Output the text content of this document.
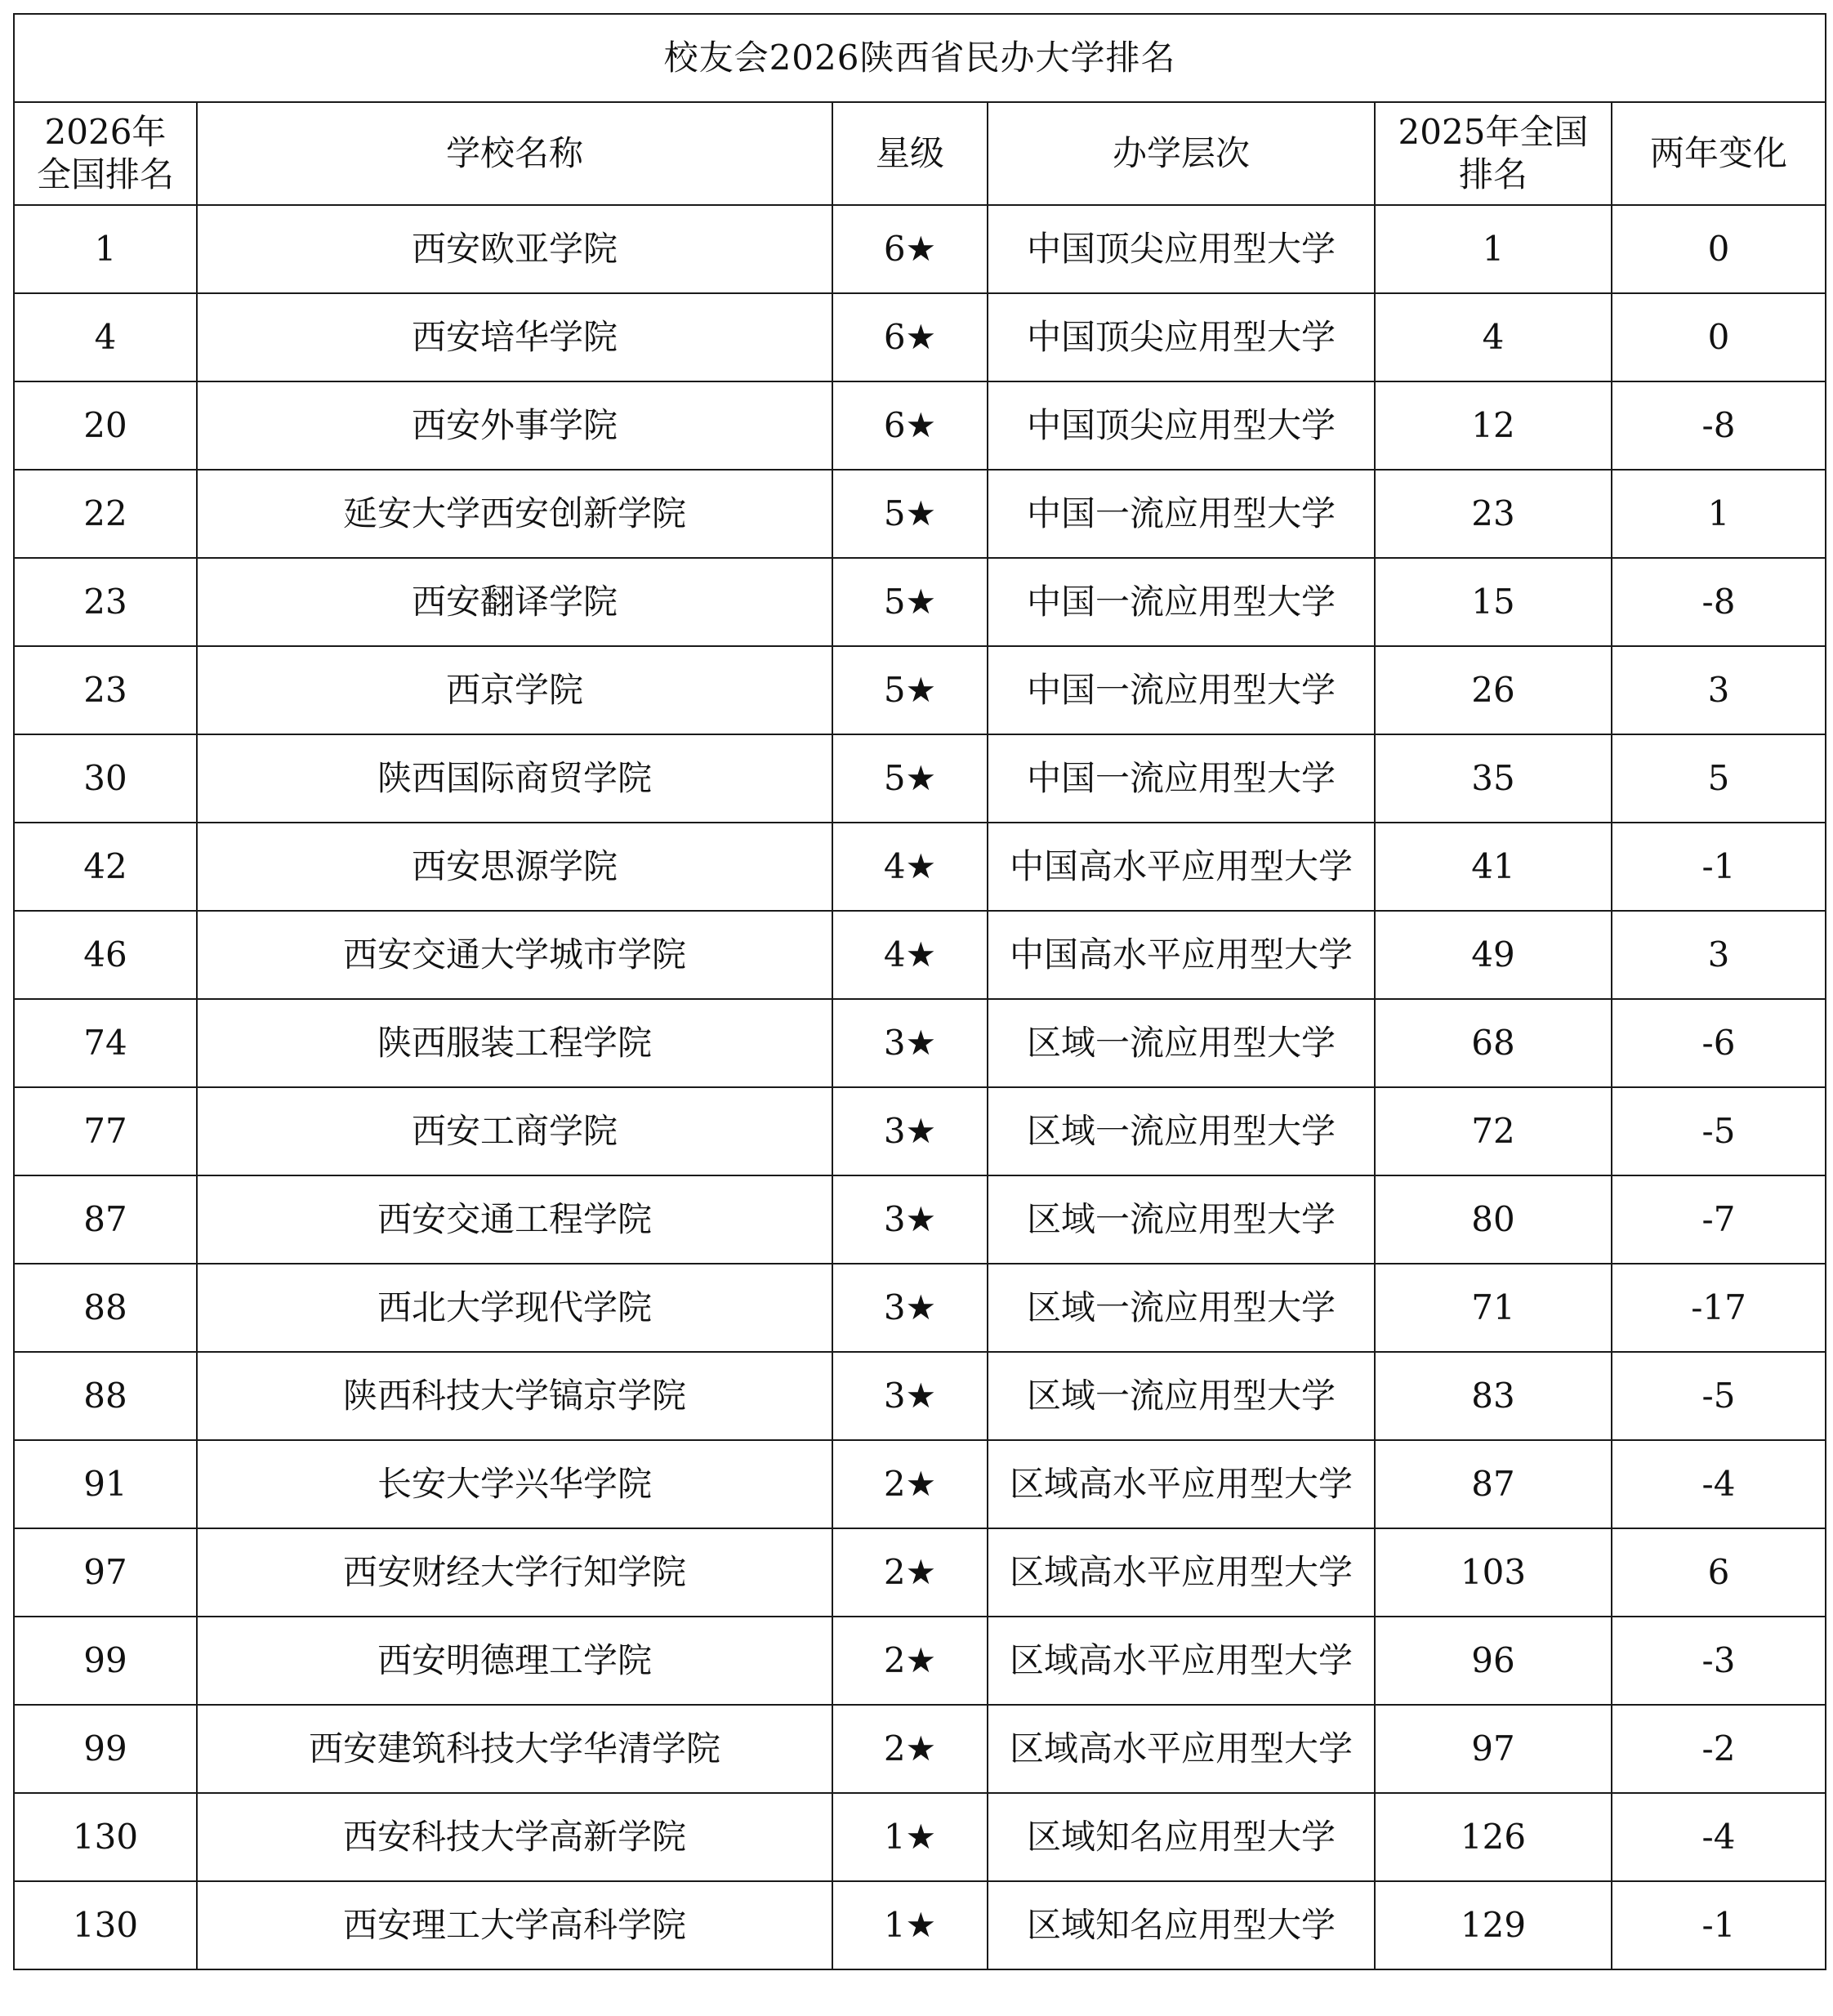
校友会2026陕西省民办大学排名					
2026年全国排名	学校名称	星级	办学层次	2025年全国排名	两年变化
1	西安欧亚学院	6★	中国顶尖应用型大学	1	0
4	西安培华学院	6★	中国顶尖应用型大学	4	0
20	西安外事学院	6★	中国顶尖应用型大学	12	-8
22	延安大学西安创新学院	5★	中国一流应用型大学	23	1
23	西安翻译学院	5★	中国一流应用型大学	15	-8
23	西京学院	5★	中国一流应用型大学	26	3
30	陕西国际商贸学院	5★	中国一流应用型大学	35	5
42	西安思源学院	4★	中国高水平应用型大学	41	-1
46	西安交通大学城市学院	4★	中国高水平应用型大学	49	3
74	陕西服装工程学院	3★	区域一流应用型大学	68	-6
77	西安工商学院	3★	区域一流应用型大学	72	-5
87	西安交通工程学院	3★	区域一流应用型大学	80	-7
88	西北大学现代学院	3★	区域一流应用型大学	71	-17
88	陕西科技大学镐京学院	3★	区域一流应用型大学	83	-5
91	长安大学兴华学院	2★	区域高水平应用型大学	87	-4
97	西安财经大学行知学院	2★	区域高水平应用型大学	103	6
99	西安明德理工学院	2★	区域高水平应用型大学	96	-3
99	西安建筑科技大学华清学院	2★	区域高水平应用型大学	97	-2
130	西安科技大学高新学院	1★	区域知名应用型大学	126	-4
130	西安理工大学高科学院	1★	区域知名应用型大学	129	-1
